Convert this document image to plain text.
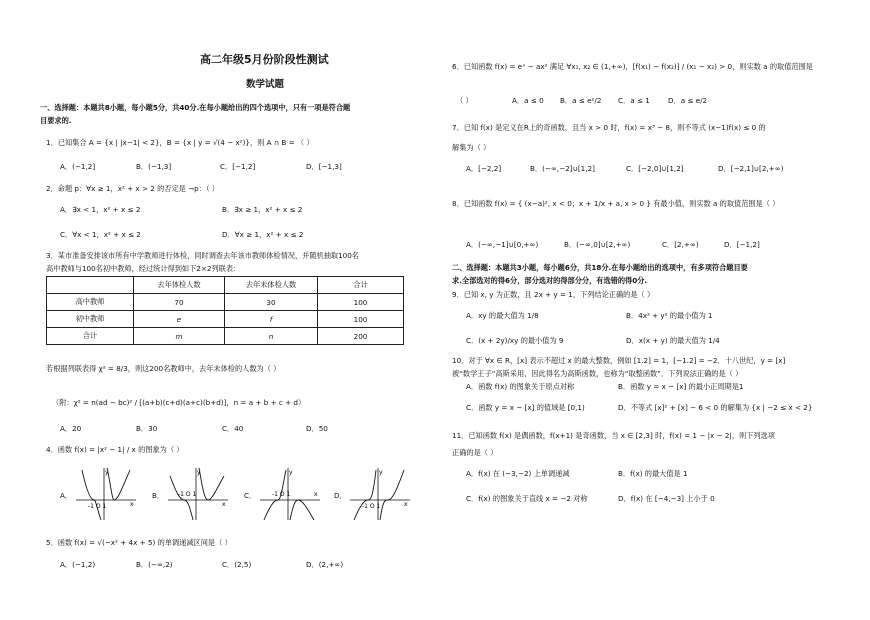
高二年级5月份阶段性测试
数学试题
一、选择题：本题共8小题，每小题5分，共40分.在每小题给出的四个选项中，只有一项是符合题
目要求的.
1．已知集合 A = {x | |x−1| < 2}，B = {x | y = √(4 − x²)}，则 A ∩ B = （ ）
A．(−1,2]	B．(−1,3]	C．[−1,2]	D．[−1,3]
2．命题 p：∀x ≥ 1，x² + x > 2 的否定是 ¬p：（ ）
A．∃x < 1，x² + x ≤ 2	B．∃x ≥ 1，x² + x ≤ 2
C．∀x < 1，x² + x ≤ 2	D．∀x ≥ 1，x² + x ≤ 2
3．某市准备安排该市所有中学教师进行体检，同时调查去年该市教师体检情况，并随机抽取100名
高中教师与100名初中教师，经过统计得到如下2×2列联表：
	去年体检人数	去年未体检人数	合计
高中教师	70	30	100
初中教师	e	f	100
合计	m	n	200
若根据列联表得 χ² = 8/3，则这200名教师中，去年未体检的人数为（ ）
（附：χ² = n(ad − bc)² / [(a+b)(c+d)(a+c)(b+d)]，n = a + b + c + d）
A．20	B．30	C．40	D．50
4．函数 f(x) = |x² − 1| / x 的图象为（ ）
A．
y
x
-1 O 1
B．
y
x
-1 O 1	C．
y
x
-1 O 1	D．
y
x
-1 O 1
5．函数 f(x) = √(−x² + 4x + 5) 的单调递减区间是（ ）
A．(−1,2)	B．(−∞,2)	C．(2,5)	D．(2,+∞)
6．已知函数 f(x) = eˣ − ax² 满足 ∀x₁, x₂ ∈ (1,+∞)，[f(x₁) − f(x₂)] / (x₁ − x₂) > 0，则实数 a 的取值范围是
（ ）	A．a ≤ 0 B．a ≤ e²/2 C．a ≤ 1	D．a ≤ e/2
7．已知 f(x) 是定义在R上的奇函数，且当 x > 0 时，f(x) = x³ − 8，则不等式 (x−1)f(x) ≤ 0 的
解集为（ ）
A．[−2,2]	B．(−∞,−2]∪[1,2]	C．[−2,0]∪[1,2]	D．[−2,1]∪[2,+∞)
8．已知函数 f(x) = { (x−a)², x < 0；x + 1/x + a, x > 0 } 有最小值，则实数 a 的取值范围是（ ）
A．(−∞,−1]∪[0,+∞)	B．(−∞,0]∪[2,+∞)	C．[2,+∞)	D．[−1,2]
二、选择题：本题共3小题，每小题6分，共18分.在每小题给出的选项中，有多项符合题目要
求.全部选对的得6分，部分选对的得部分分，有选错的得0分.
9．已知 x, y 为正数，且 2x + y = 1，下列结论正确的是（ ）
A．xy 的最大值为 1/8	B．4x² + y² 的最小值为 1
C．(x + 2y)/xy 的最小值为 9	D．x(x + y) 的最大值为 1/4
10．对于 ∀x ∈ R，[x] 表示不超过 x 的最大整数，例如 [1.2] = 1，[−1.2] = −2．十八世纪，y = [x]
被“数学王子”高斯采用，因此得名为高斯函数，也称为“取整函数”．下列说法正确的是（ ）
A．函数 f(x) 的图象关于原点对称	B．函数 y = x − [x] 的最小正周期是1
C．函数 y = x − [x] 的值域是 [0,1)	D．不等式 [x]² + [x] − 6 < 0 的解集为 {x | −2 ≤ x < 2}
11．已知函数 f(x) 是偶函数，f(x+1) 是奇函数，当 x ∈ [2,3] 时，f(x) = 1 − |x − 2|，则下列选项
正确的是（ ）
A．f(x) 在 (−3,−2) 上单调递减	B．f(x) 的最大值是 1
C．f(x) 的图象关于直线 x = −2 对称	D．f(x) 在 [−4,−3] 上小于 0
